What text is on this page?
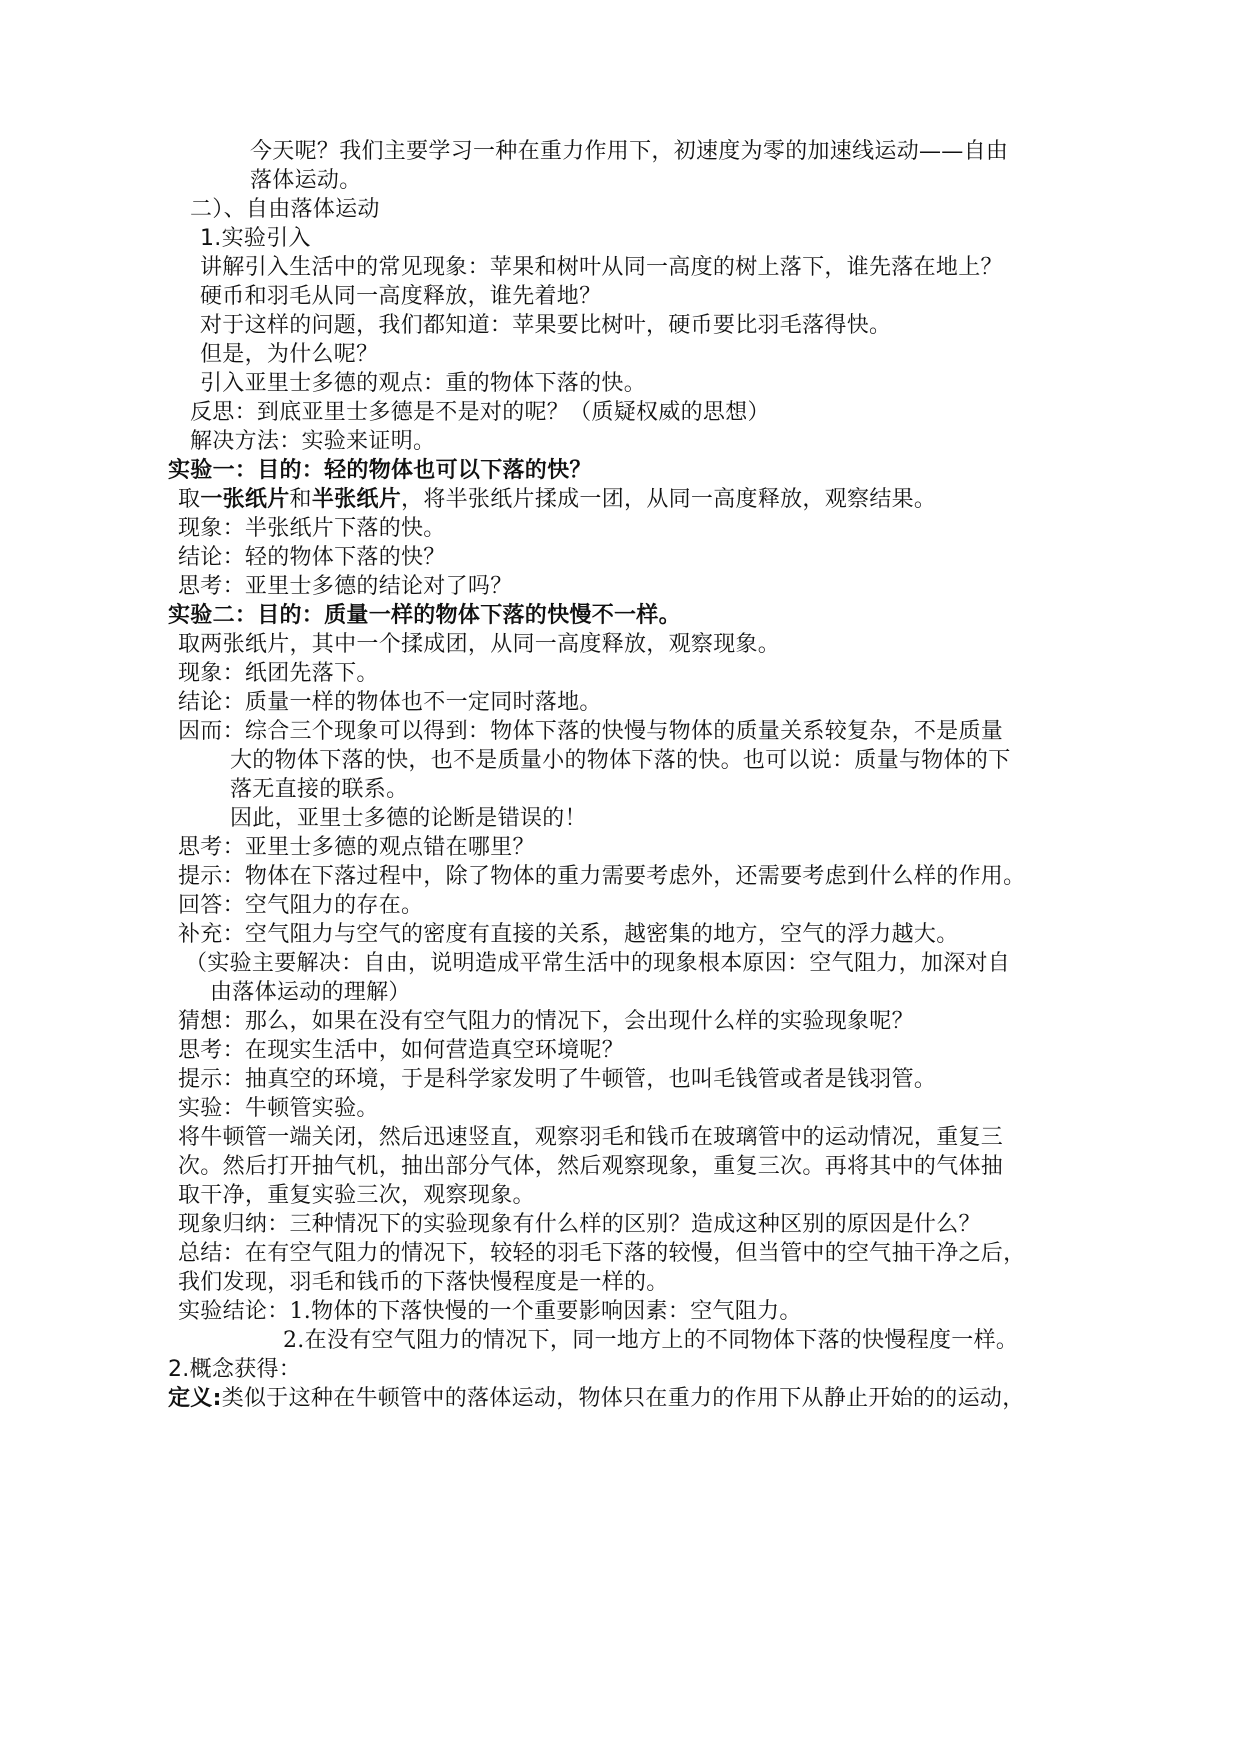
今天呢？我们主要学习一种在重力作用下，初速度为零的加速线运动——自由
落体运动。
二）、自由落体运动
1.实验引入
讲解引入生活中的常见现象：苹果和树叶从同一高度的树上落下，谁先落在地上？
硬币和羽毛从同一高度释放，谁先着地？
对于这样的问题，我们都知道：苹果要比树叶，硬币要比羽毛落得快。
但是，为什么呢？
引入亚里士多德的观点：重的物体下落的快。
反思：到底亚里士多德是不是对的呢？（质疑权威的思想）
解决方法：实验来证明。
实验一：目的：轻的物体也可以下落的快？
取一张纸片和半张纸片，将半张纸片揉成一团，从同一高度释放，观察结果。
现象：半张纸片下落的快。
结论：轻的物体下落的快？
思考：亚里士多德的结论对了吗？
实验二：目的：质量一样的物体下落的快慢不一样。
取两张纸片，其中一个揉成团，从同一高度释放，观察现象。
现象：纸团先落下。
结论：质量一样的物体也不一定同时落地。
因而：综合三个现象可以得到：物体下落的快慢与物体的质量关系较复杂，不是质量
大的物体下落的快，也不是质量小的物体下落的快。也可以说：质量与物体的下
落无直接的联系。
因此，亚里士多德的论断是错误的！
思考：亚里士多德的观点错在哪里？
提示：物体在下落过程中，除了物体的重力需要考虑外，还需要考虑到什么样的作用。
回答：空气阻力的存在。
补充：空气阻力与空气的密度有直接的关系，越密集的地方，空气的浮力越大。
（实验主要解决：自由，说明造成平常生活中的现象根本原因：空气阻力，加深对自
由落体运动的理解）
猜想：那么，如果在没有空气阻力的情况下，会出现什么样的实验现象呢？
思考：在现实生活中，如何营造真空环境呢？
提示：抽真空的环境，于是科学家发明了牛顿管，也叫毛钱管或者是钱羽管。
实验：牛顿管实验。
将牛顿管一端关闭，然后迅速竖直，观察羽毛和钱币在玻璃管中的运动情况，重复三
次。然后打开抽气机，抽出部分气体，然后观察现象，重复三次。再将其中的气体抽
取干净，重复实验三次，观察现象。
现象归纳：三种情况下的实验现象有什么样的区别？造成这种区别的原因是什么？
总结：在有空气阻力的情况下，较轻的羽毛下落的较慢，但当管中的空气抽干净之后，
我们发现，羽毛和钱币的下落快慢程度是一样的。
实验结论：1.物体的下落快慢的一个重要影响因素：空气阻力。
2.在没有空气阻力的情况下，同一地方上的不同物体下落的快慢程度一样。
2.概念获得：
定义:类似于这种在牛顿管中的落体运动，物体只在重力的作用下从静止开始的的运动，
